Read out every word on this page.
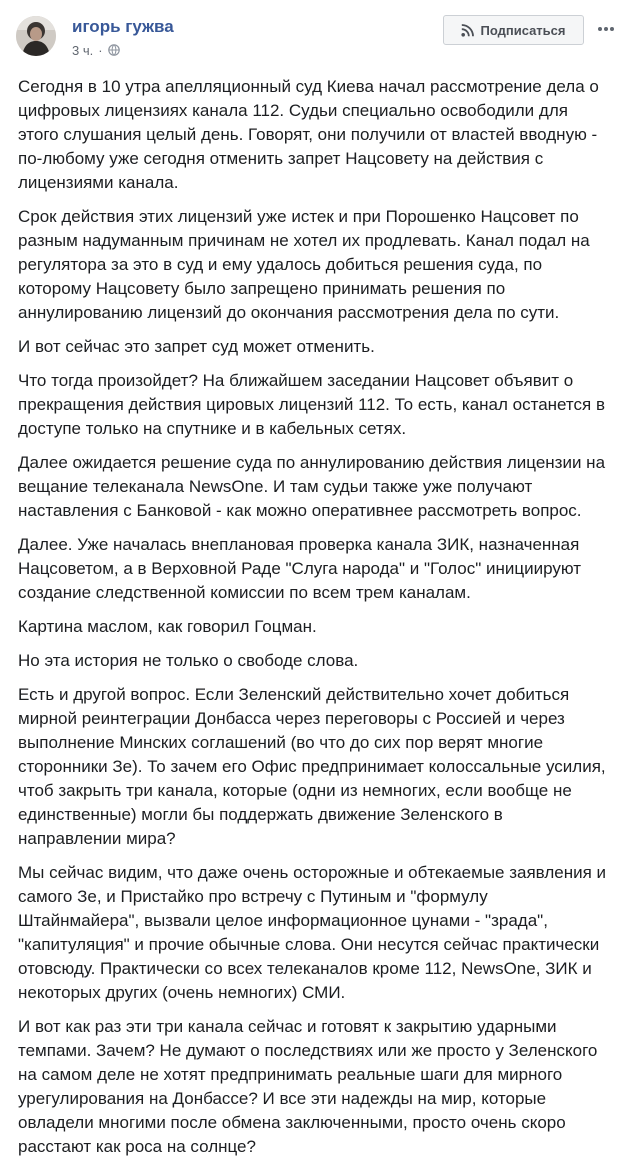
игорь гужва
3 ч. ·
Подписаться

Сегодня в 10 утра апелляционный суд Киева начал рассмотрение дела о цифровых лицензиях канала 112. Судьи специально освободили для этого слушания целый день. Говорят, они получили от властей вводную - по-любому уже сегодня отменить запрет Нацсовету на действия с лицензиями канала.

Срок действия этих лицензий уже истек и при Порошенко Нацсовет по разным надуманным причинам не хотел их продлевать. Канал подал на регулятора за это в суд и ему удалось добиться решения суда, по которому Нацсовету было запрещено принимать решения по аннулированию лицензий до окончания рассмотрения дела по сути.

И вот сейчас это запрет суд может отменить.

Что тогда произойдет? На ближайшем заседании Нацсовет объявит о прекращения действия цировых лицензий 112. То есть, канал останется в доступе только на спутнике и в кабельных сетях.

Далее ожидается решение суда по аннулированию действия лицензии на вещание телеканала NewsOne. И там судьи также уже получают наставления с Банковой - как можно оперативнее рассмотреть вопрос.

Далее. Уже началась внеплановая проверка канала ЗИК, назначенная Нацсоветом, а в Верховной Раде "Слуга народа" и "Голос" инициируют создание следственной комиссии по всем трем каналам.

Картина маслом, как говорил Гоцман.

Но эта история не только о свободе слова.

Есть и другой вопрос. Если Зеленский действительно хочет добиться мирной реинтеграции Донбасса через переговоры с Россией и через выполнение Минских соглашений (во что до сих пор верят многие сторонники Зе). То зачем его Офис предпринимает колоссальные усилия, чтоб закрыть три канала, которые (одни из немногих, если вообще не единственные) могли бы поддержать движение Зеленского в направлении мира?

Мы сейчас видим, что даже очень осторожные и обтекаемые заявления и самого Зе, и Пристайко про встречу с Путиным и "формулу Штайнмайера", вызвали целое информационное цунами - "зрада", "капитуляция" и прочие обычные слова. Они несутся сейчас практически отовсюду. Практически со всех телеканалов кроме 112, NewsOne, ЗИК и некоторых других (очень немногих) СМИ.

И вот как раз эти три канала сейчас и готовят к закрытию ударными темпами. Зачем? Не думают о последствиях или же просто у Зеленского на самом деле не хотят предпринимать реальные шаги для мирного урегулирования на Донбассе? И все эти надежды на мир, которые овладели многими после обмена заключенными, просто очень скоро расстают как роса на солнце?
